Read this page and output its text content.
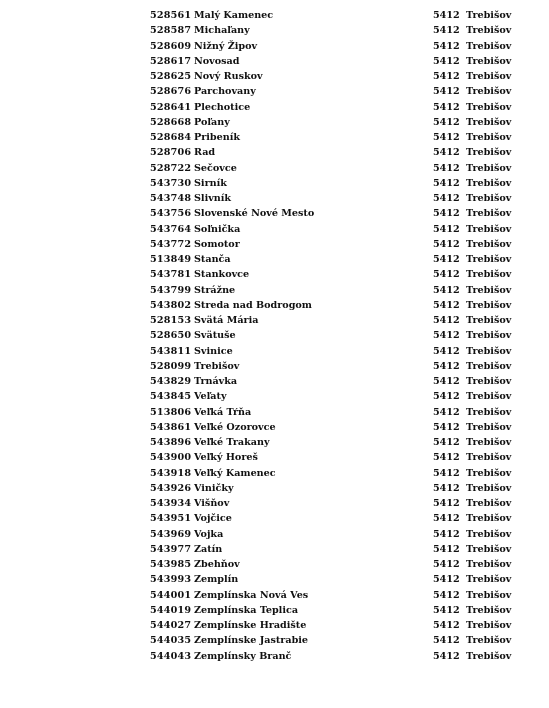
528561 Malý Kamenec	5412 Trebišov
528587 Michaľany	5412 Trebišov
528609 Nižný Žipov	5412 Trebišov
528617 Novosad	5412 Trebišov
528625 Nový Ruskov	5412 Trebišov
528676 Parchovany	5412 Trebišov
528641 Plechotice	5412 Trebišov
528668 Poľany	5412 Trebišov
528684 Pribeník	5412 Trebišov
528706 Rad	5412 Trebišov
528722 Sečovce	5412 Trebišov
543730 Sirník	5412 Trebišov
543748 Slivník	5412 Trebišov
543756 Slovenské Nové Mesto	5412 Trebišov
543764 Soľnička	5412 Trebišov
543772 Somotor	5412 Trebišov
513849 Stanča	5412 Trebišov
543781 Stankovce	5412 Trebišov
543799 Strážne	5412 Trebišov
543802 Streda nad Bodrogom	5412 Trebišov
528153 Svätá Mária	5412 Trebišov
528650 Svätuše	5412 Trebišov
543811 Svinice	5412 Trebišov
528099 Trebišov	5412 Trebišov
543829 Trnávka	5412 Trebišov
543845 Veľaty	5412 Trebišov
513806 Veľká Tŕňa	5412 Trebišov
543861 Veľké Ozorovce	5412 Trebišov
543896 Veľké Trakany	5412 Trebišov
543900 Veľký Horeš	5412 Trebišov
543918 Veľký Kamenec	5412 Trebišov
543926 Viničky	5412 Trebišov
543934 Višňov	5412 Trebišov
543951 Vojčice	5412 Trebišov
543969 Vojka	5412 Trebišov
543977 Zatín	5412 Trebišov
543985 Zbehňov	5412 Trebišov
543993 Zemplín	5412 Trebišov
544001 Zemplínska Nová Ves	5412 Trebišov
544019 Zemplínska Teplica	5412 Trebišov
544027 Zemplínske Hradište	5412 Trebišov
544035 Zemplínske Jastrabie	5412 Trebišov
544043 Zemplínsky Branč	5412 Trebišov
